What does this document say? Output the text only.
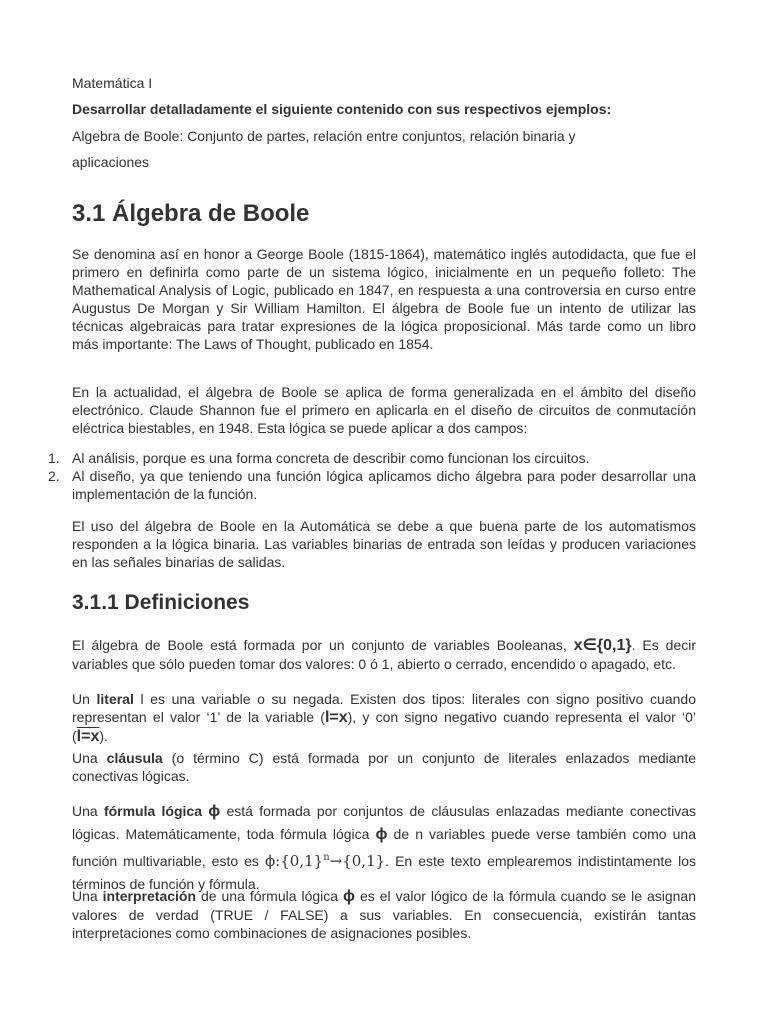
Matemática I
Desarrollar detalladamente el siguiente contenido con sus respectivos ejemplos:
Algebra de Boole: Conjunto de partes, relación entre conjuntos, relación binaria y
aplicaciones
3.1 Álgebra de Boole

Se denomina así en honor a George Boole (1815-1864), matemático inglés autodidacta, que fue el primero en definirla como parte de un sistema lógico, inicialmente en un pequeño folleto: The Mathematical Analysis of Logic, publicado en 1847, en respuesta a una controversia en curso entre Augustus De Morgan y Sir William Hamilton. El álgebra de Boole fue un intento de utilizar las técnicas algebraicas para tratar expresiones de la lógica proposicional. Más tarde como un libro más importante: The Laws of Thought, publicado en 1854.

En la actualidad, el álgebra de Boole se aplica de forma generalizada en el ámbito del diseño electrónico. Claude Shannon fue el primero en aplicarla en el diseño de circuitos de conmutación eléctrica biestables, en 1948. Esta lógica se puede aplicar a dos campos:

1. Al análisis, porque es una forma concreta de describir como funcionan los circuitos.

2. Al diseño, ya que teniendo una función lógica aplicamos dicho álgebra para poder desarrollar una implementación de la función.

El uso del álgebra de Boole en la Automática se debe a que buena parte de los automatismos responden a la lógica binaria. Las variables binarias de entrada son leídas y producen variaciones en las señales binarias de salidas.

3.1.1 Definiciones

El álgebra de Boole está formada por un conjunto de variables Booleanas, x∈{0,1}. Es decir variables que sólo pueden tomar dos valores: 0 ó 1, abierto o cerrado, encendido o apagado, etc.

Un literal l es una variable o su negada. Existen dos tipos: literales con signo positivo cuando representan el valor ‘1’ de la variable (l=x), y con signo negativo cuando representa el valor ‘0’ (l=x).

Una cláusula (o término C) está formada por un conjunto de literales enlazados mediante conectivas lógicas.

Una fórmula lógica ϕ está formada por conjuntos de cláusulas enlazadas mediante conectivas lógicas. Matemáticamente, toda fórmula lógica ϕ de n variables puede verse también como una función multivariable, esto es $\phi:\{0,1\}^n\to\{0,1\}$. En este texto emplearemos indistintamente los términos de función y fórmula.

Una interpretación de una fórmula lógica ϕ es el valor lógico de la fórmula cuando se le asignan valores de verdad (TRUE / FALSE) a sus variables. En consecuencia, existirán tantas interpretaciones como combinaciones de asignaciones posibles.
